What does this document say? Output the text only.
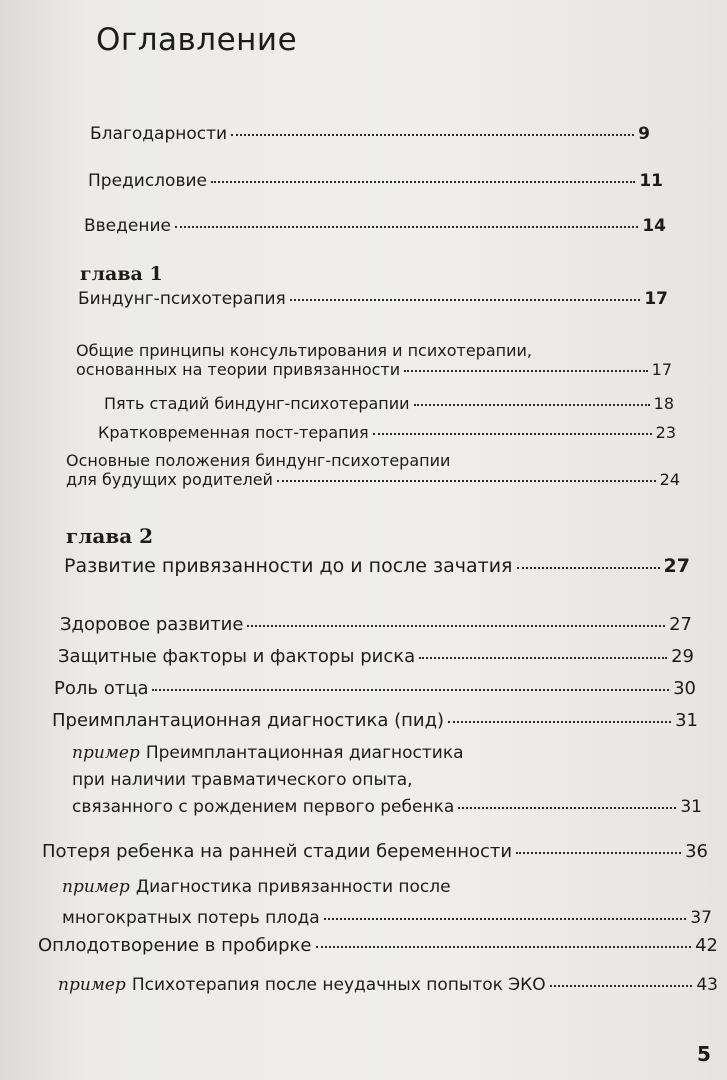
Оглавление
Благодарности	9
Предисловие	11
Введение	14
глава 1
Биндунг-психотерапия	17
Общие принципы консультирования и психотерапии,
основанных на теории привязанности	17
Пять стадий биндунг-психотерапии	18
Кратковременная пост-терапия	23
Основные положения биндунг-психотерапии
для будущих родителей	24
глава 2
Развитие привязанности до и после зачатия	27
Здоровое развитие	27
Защитные факторы и факторы риска	29
Роль отца	30
Преимплантационная диагностика (пид)	31
пример Преимплантационная диагностика
при наличии травматического опыта,
связанного с рождением первого ребенка	31
Потеря ребенка на ранней стадии беременности	36
пример Диагностика привязанности после
многократных потерь плода	37
Оплодотворение в пробирке	42
пример Психотерапия после неудачных попыток ЭКО	43
5
